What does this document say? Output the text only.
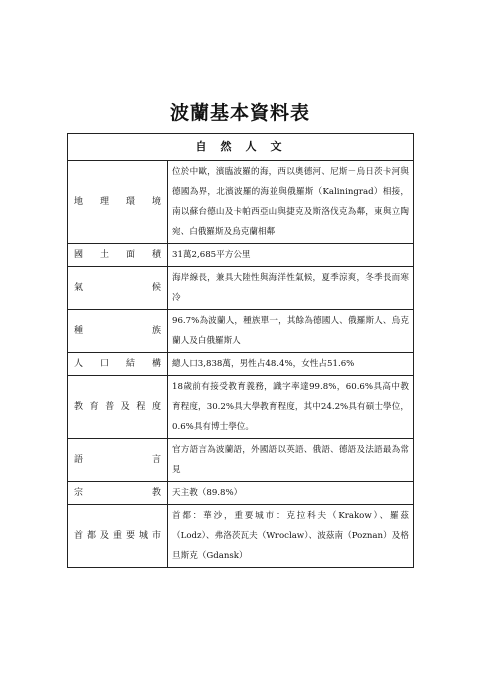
波蘭基本資料表
自然人文	
地理環境	位於中歐，濱臨波羅的海，西以奧德河、尼斯－烏日茨卡河與德國為界，北濱波羅的海並與俄羅斯（Kaliningrad）相接，南以蘇台德山及卡帕西亞山與捷克及斯洛伐克為鄰，東與立陶宛、白俄羅斯及烏克蘭相鄰
國土面積	31萬2,685平方公里
氣候	海岸線長，兼具大陸性與海洋性氣候，夏季涼爽，冬季長而寒冷
種族	96.7%為波蘭人，種族單一，其餘為德國人、俄羅斯人、烏克蘭人及白俄羅斯人
人口結構	總人口3,838萬，男性占48.4%，女性占51.6%
教育普及程度	18歲前有接受教育義務，識字率達99.8%，60.6%具高中教育程度，30.2%具大學教育程度，其中24.2%具有碩士學位，0.6%具有博士學位。
語言	官方語言為波蘭語，外國語以英語、俄語、德語及法語最為常見
宗教	天主教（89.8%）
首都及重要城市	首都：華沙，重要城市：克拉科夫（Krakow）、羅茲（Lodz）、弗洛茨瓦夫（Wroclaw）、波茲南（Poznan）及格旦斯克（Gdansk）
